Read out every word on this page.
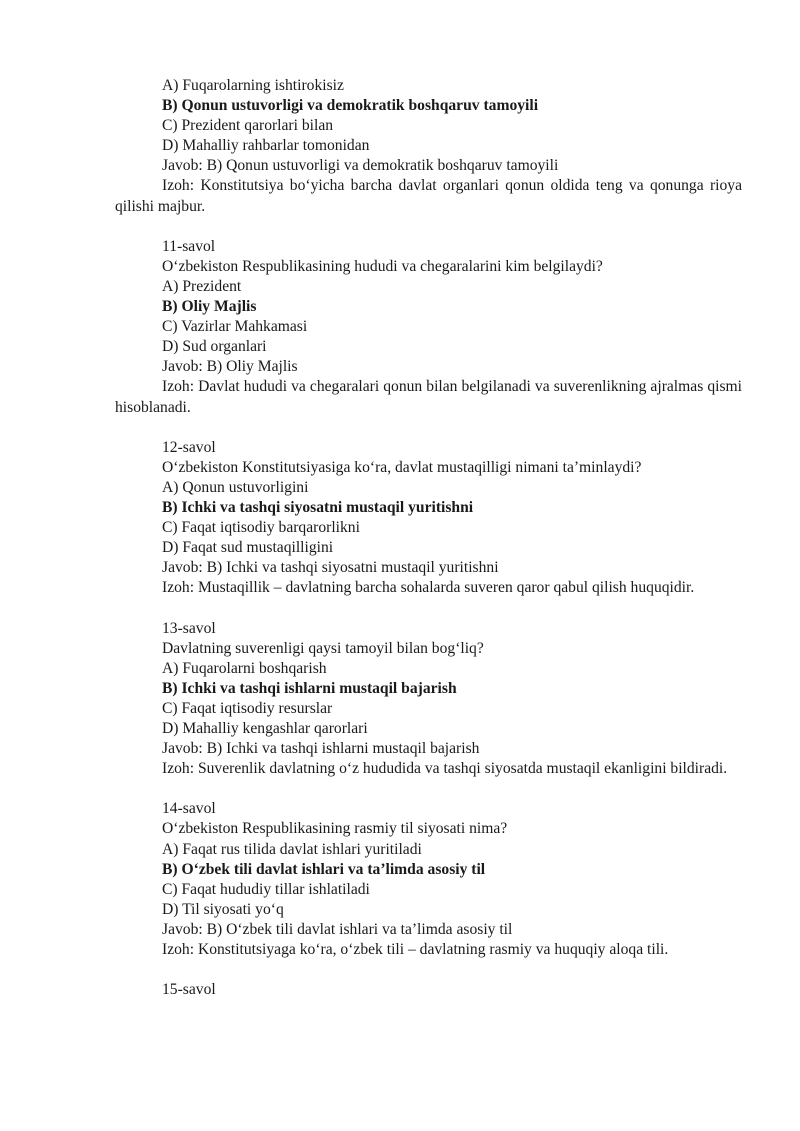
A) Fuqarolarning ishtirokisiz
B) Qonun ustuvorligi va demokratik boshqaruv tamoyili
C) Prezident qarorlari bilan
D) Mahalliy rahbarlar tomonidan
Javob: B) Qonun ustuvorligi va demokratik boshqaruv tamoyili
Izoh: Konstitutsiya bo‘yicha barcha davlat organlari qonun oldida teng va qonunga rioya qilishi majbur.
11-savol
O‘zbekiston Respublikasining hududi va chegaralarini kim belgilaydi?
A) Prezident
B) Oliy Majlis
C) Vazirlar Mahkamasi
D) Sud organlari
Javob: B) Oliy Majlis
Izoh: Davlat hududi va chegaralari qonun bilan belgilanadi va suverenlikning ajralmas qismi hisoblanadi.
12-savol
O‘zbekiston Konstitutsiyasiga ko‘ra, davlat mustaqilligi nimani ta’minlaydi?
A) Qonun ustuvorligini
B) Ichki va tashqi siyosatni mustaqil yuritishni
C) Faqat iqtisodiy barqarorlikni
D) Faqat sud mustaqilligini
Javob: B) Ichki va tashqi siyosatni mustaqil yuritishni
Izoh: Mustaqillik – davlatning barcha sohalarda suveren qaror qabul qilish huquqidir.
13-savol
Davlatning suverenligi qaysi tamoyil bilan bog‘liq?
A) Fuqarolarni boshqarish
B) Ichki va tashqi ishlarni mustaqil bajarish
C) Faqat iqtisodiy resurslar
D) Mahalliy kengashlar qarorlari
Javob: B) Ichki va tashqi ishlarni mustaqil bajarish
Izoh: Suverenlik davlatning o‘z hududida va tashqi siyosatda mustaqil ekanligini bildiradi.
14-savol
O‘zbekiston Respublikasining rasmiy til siyosati nima?
A) Faqat rus tilida davlat ishlari yuritiladi
B) O‘zbek tili davlat ishlari va ta’limda asosiy til
C) Faqat hududiy tillar ishlatiladi
D) Til siyosati yo‘q
Javob: B) O‘zbek tili davlat ishlari va ta’limda asosiy til
Izoh: Konstitutsiyaga ko‘ra, o‘zbek tili – davlatning rasmiy va huquqiy aloqa tili.
15-savol
